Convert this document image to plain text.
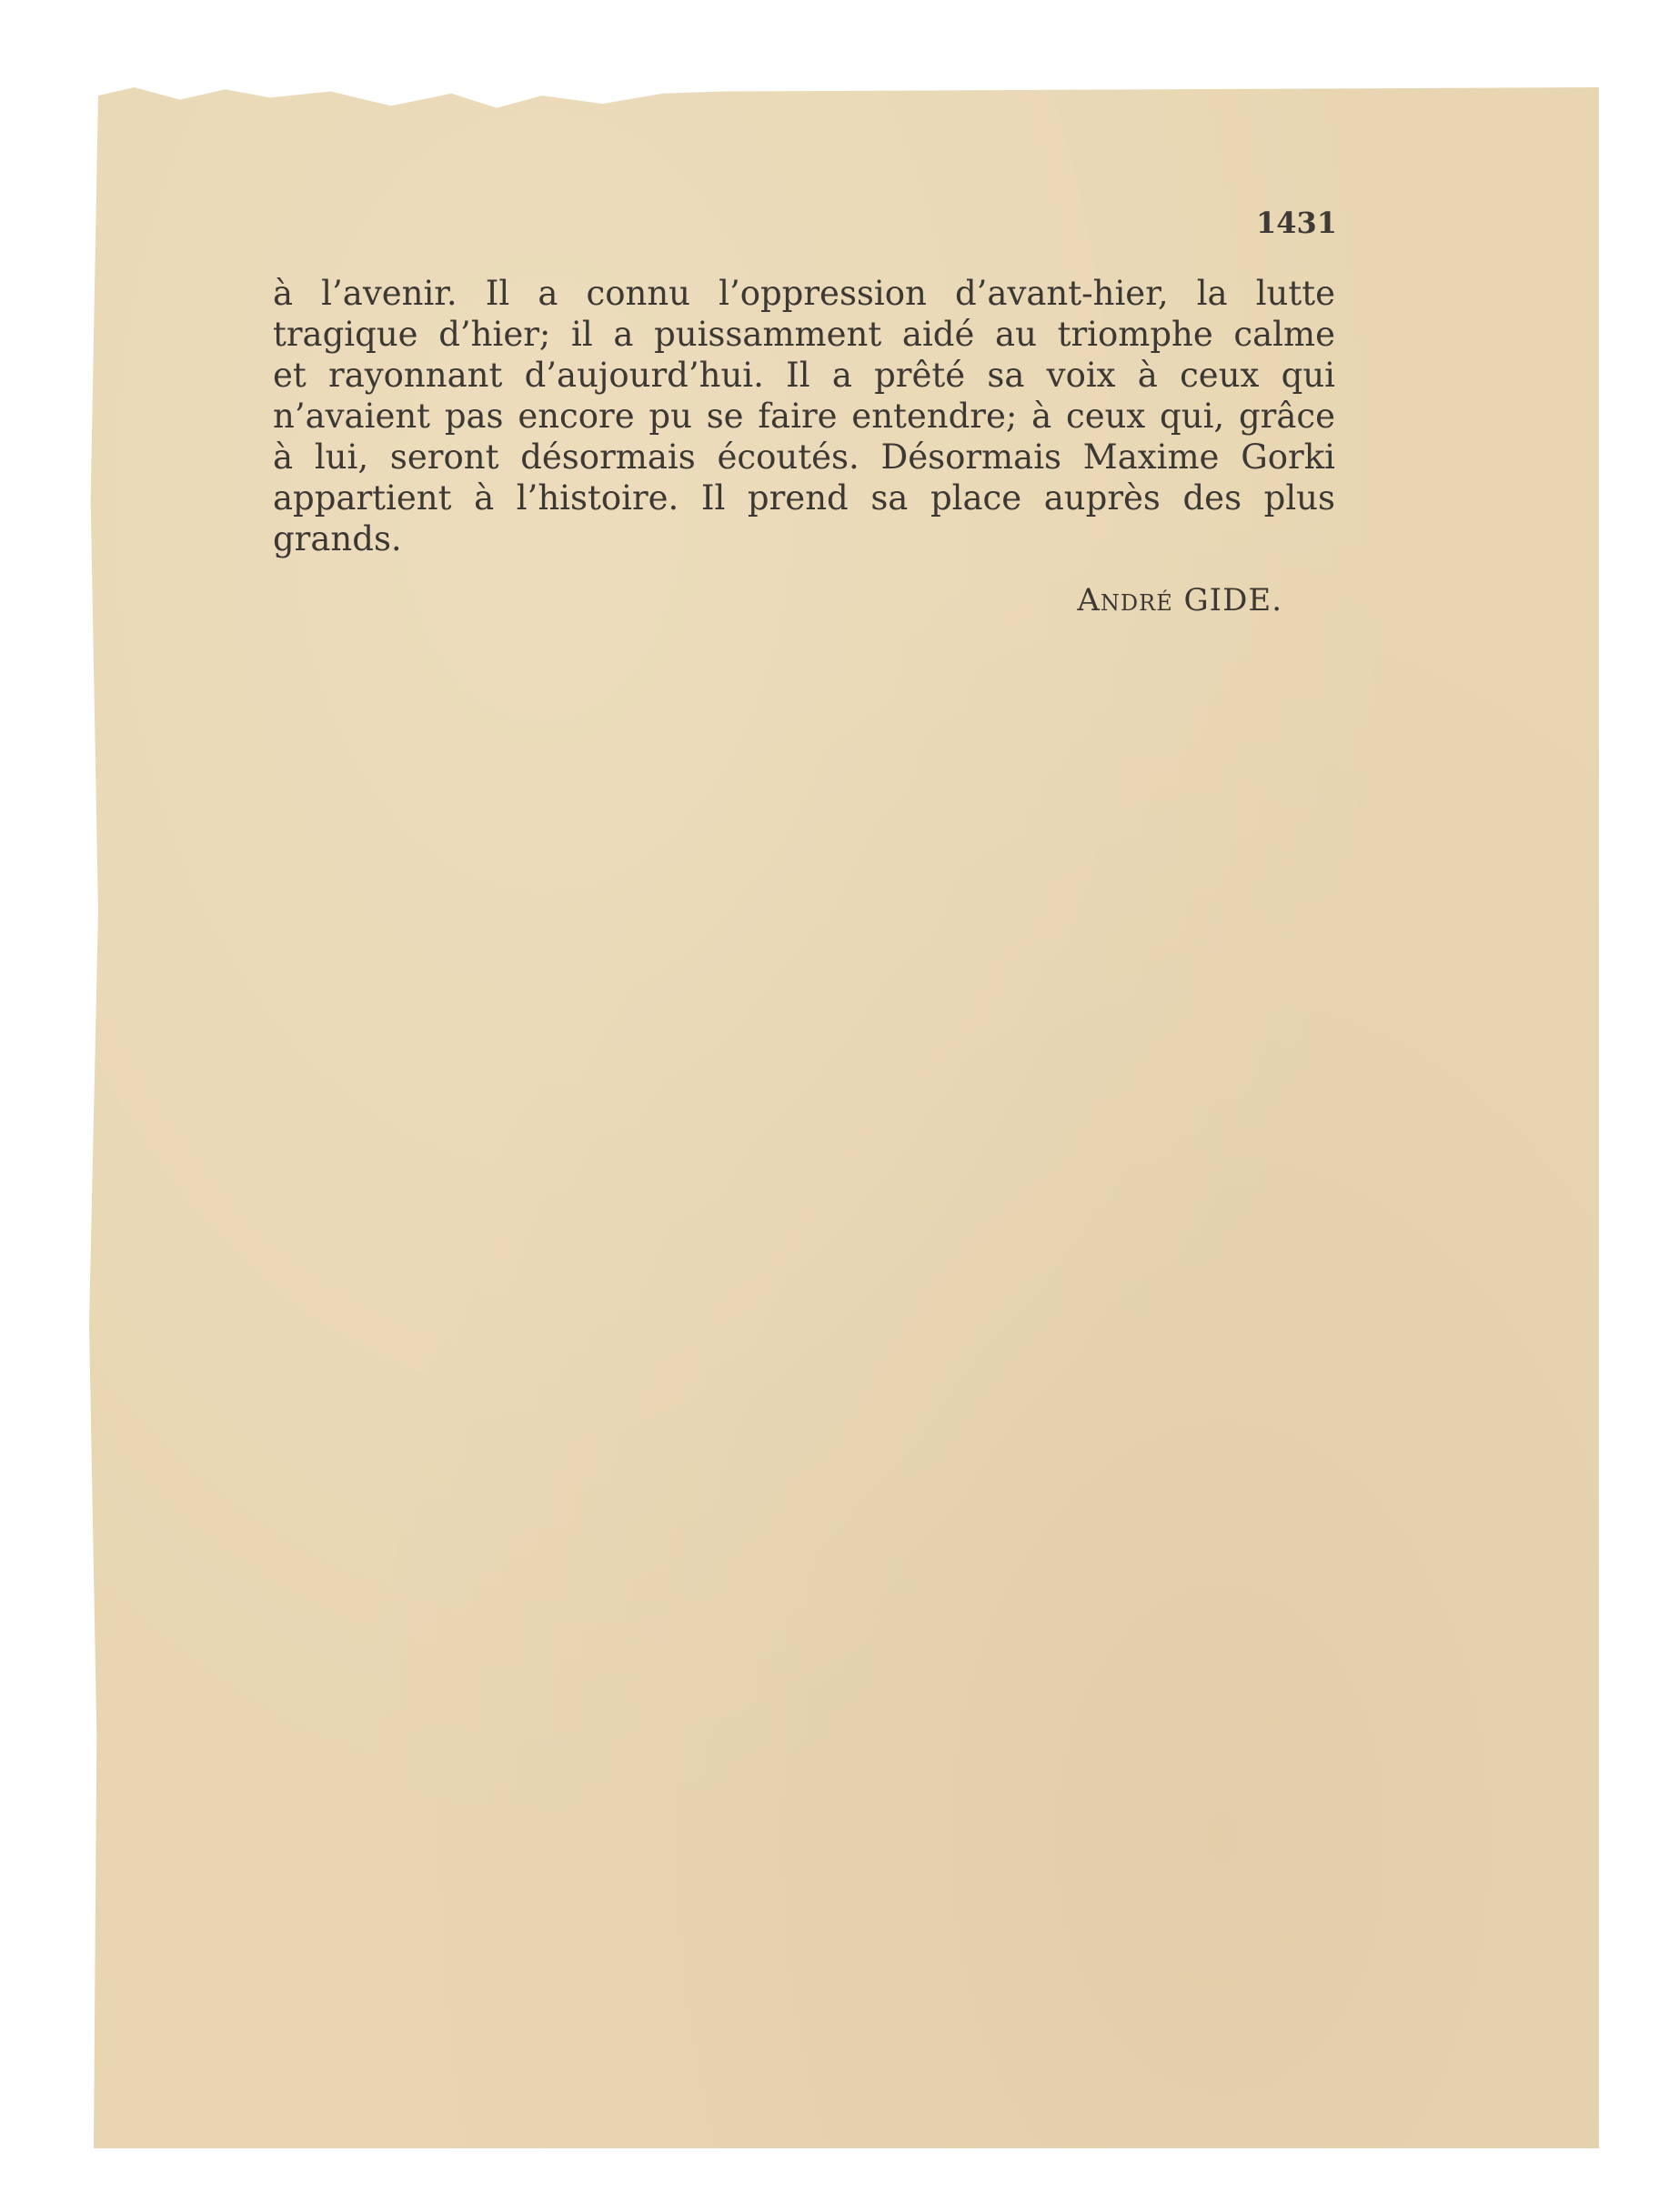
1431
à l’avenir. Il a connu l’oppression d’avant-hier, la lutte
tragique d’hier; il a puissamment aidé au triomphe calme
et rayonnant d’aujourd’hui. Il a prêté sa voix à ceux qui
n’avaient pas encore pu se faire entendre; à ceux qui, grâce
à lui, seront désormais écoutés. Désormais Maxime Gorki
appartient à l’histoire. Il prend sa place auprès des plus
grands.
André GIDE.
